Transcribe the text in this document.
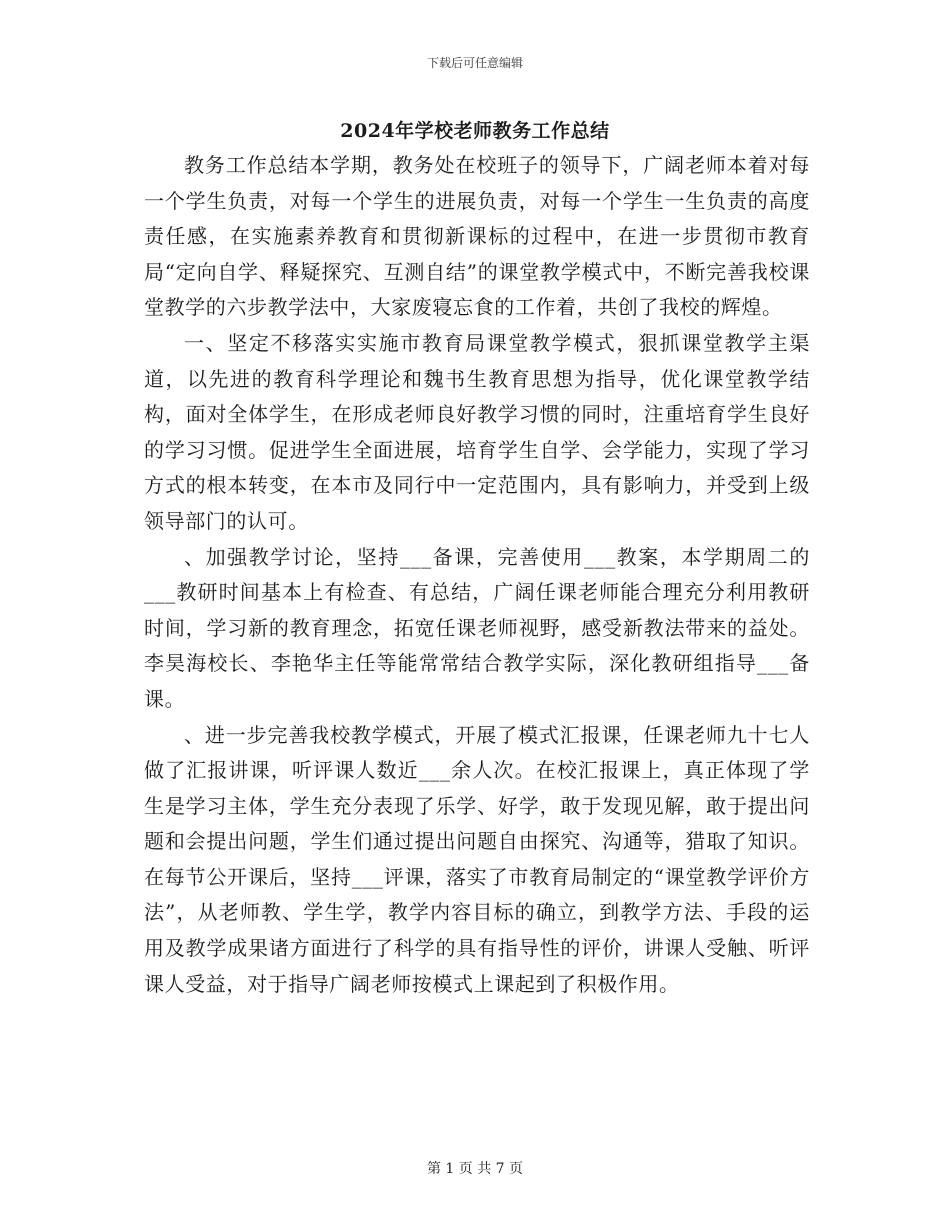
下载后可任意编辑
2024年学校老师教务工作总结

教务工作总结本学期，教务处在校班子的领导下，广阔老师本着对每一个学生负责，对每一个学生的进展负责，对每一个学生一生负责的高度责任感，在实施素养教育和贯彻新课标的过程中，在进一步贯彻市教育局“定向自学、释疑探究、互测自结”的课堂教学模式中，不断完善我校课堂教学的六步教学法中，大家废寝忘食的工作着，共创了我校的辉煌。

一、坚定不移落实实施市教育局课堂教学模式，狠抓课堂教学主渠道，以先进的教育科学理论和魏书生教育思想为指导，优化课堂教学结构，面对全体学生，在形成老师良好教学习惯的同时，注重培育学生良好的学习习惯。促进学生全面进展，培育学生自学、会学能力，实现了学习方式的根本转变，在本市及同行中一定范围内，具有影响力，并受到上级领导部门的认可。

、加强教学讨论，坚持___备课，完善使用___教案，本学期周二的___教研时间基本上有检查、有总结，广阔任课老师能合理充分利用教研时间，学习新的教育理念，拓宽任课老师视野，感受新教法带来的益处。李昊海校长、李艳华主任等能常常结合教学实际，深化教研组指导___备课。

、进一步完善我校教学模式，开展了模式汇报课，任课老师九十七人做了汇报讲课，听评课人数近___余人次。在校汇报课上，真正体现了学生是学习主体，学生充分表现了乐学、好学，敢于发现见解，敢于提出问题和会提出问题，学生们通过提出问题自由探究、沟通等，猎取了知识。在每节公开课后，坚持___评课，落实了市教育局制定的“课堂教学评价方法”，从老师教、学生学，教学内容目标的确立，到教学方法、手段的运用及教学成果诸方面进行了科学的具有指导性的评价，讲课人受触、听评课人受益，对于指导广阔老师按模式上课起到了积极作用。

第 1 页 共 7 页
